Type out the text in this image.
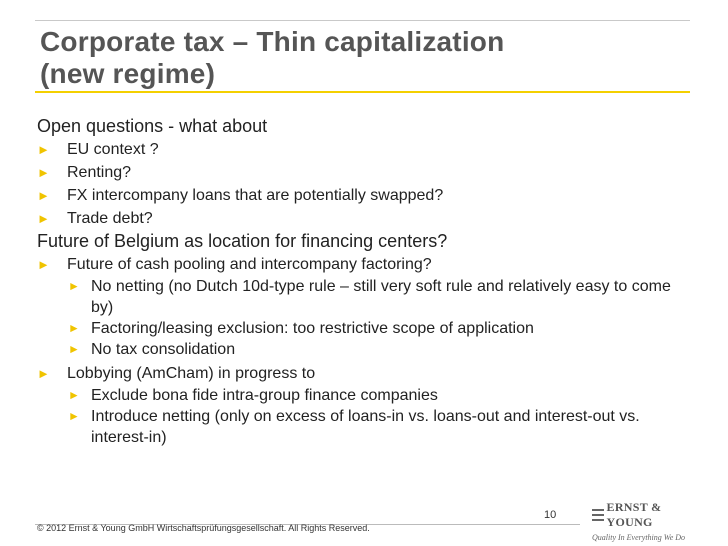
Corporate tax – Thin capitalization
(new regime)
Open questions - what about
► EU context ?
► Renting?
► FX intercompany loans that are potentially swapped?
► Trade debt?
Future of Belgium as location for financing centers?
► Future of cash pooling and intercompany factoring?
► No netting (no Dutch 10d-type rule – still very soft rule and relatively easy to come by)
► Factoring/leasing exclusion: too restrictive scope of application
► No tax consolidation
► Lobbying (AmCham) in progress to
► Exclude bona fide intra-group finance companies
► Introduce netting (only on excess of loans-in vs. loans-out and interest-out vs. interest-in)
10
© 2012 Ernst & Young GmbH Wirtschaftsprüfungsgesellschaft. All Rights Reserved.
ERNST & YOUNG
Quality In Everything We Do
